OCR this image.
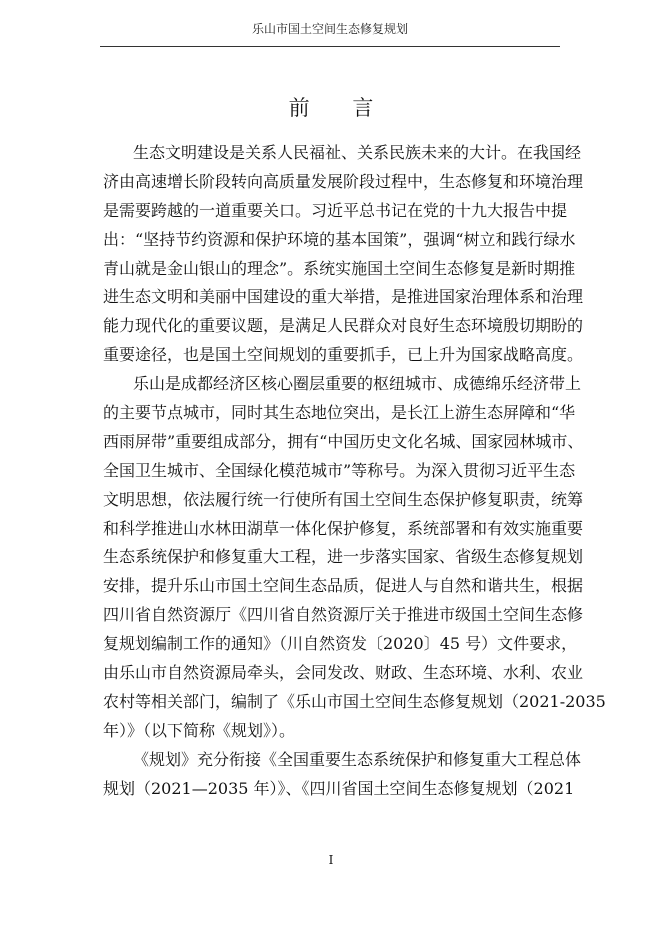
乐山市国土空间生态修复规划
前 言
生态文明建设是关系人民福祉、关系民族未来的大计。在我国经
济由高速增长阶段转向高质量发展阶段过程中，生态修复和环境治理
是需要跨越的一道重要关口。习近平总书记在党的十九大报告中提
出：“坚持节约资源和保护环境的基本国策”，强调“树立和践行绿水
青山就是金山银山的理念”。系统实施国土空间生态修复是新时期推
进生态文明和美丽中国建设的重大举措，是推进国家治理体系和治理
能力现代化的重要议题，是满足人民群众对良好生态环境殷切期盼的
重要途径，也是国土空间规划的重要抓手，已上升为国家战略高度。
乐山是成都经济区核心圈层重要的枢纽城市、成德绵乐经济带上
的主要节点城市，同时其生态地位突出，是长江上游生态屏障和“华
西雨屏带”重要组成部分，拥有“中国历史文化名城、国家园林城市、
全国卫生城市、全国绿化模范城市”等称号。为深入贯彻习近平生态
文明思想，依法履行统一行使所有国土空间生态保护修复职责，统筹
和科学推进山水林田湖草一体化保护修复，系统部署和有效实施重要
生态系统保护和修复重大工程，进一步落实国家、省级生态修复规划
安排，提升乐山市国土空间生态品质，促进人与自然和谐共生，根据
四川省自然资源厅《四川省自然资源厅关于推进市级国土空间生态修
复规划编制工作的通知》（川自然资发〔2020〕45 号）文件要求，
由乐山市自然资源局牵头，会同发改、财政、生态环境、水利、农业
农村等相关部门，编制了《乐山市国土空间生态修复规划（2021-2035
年）》（以下简称《规划》）。
《规划》充分衔接《全国重要生态系统保护和修复重大工程总体
规划（2021—2035 年）》、《四川省国土空间生态修复规划（2021
I
